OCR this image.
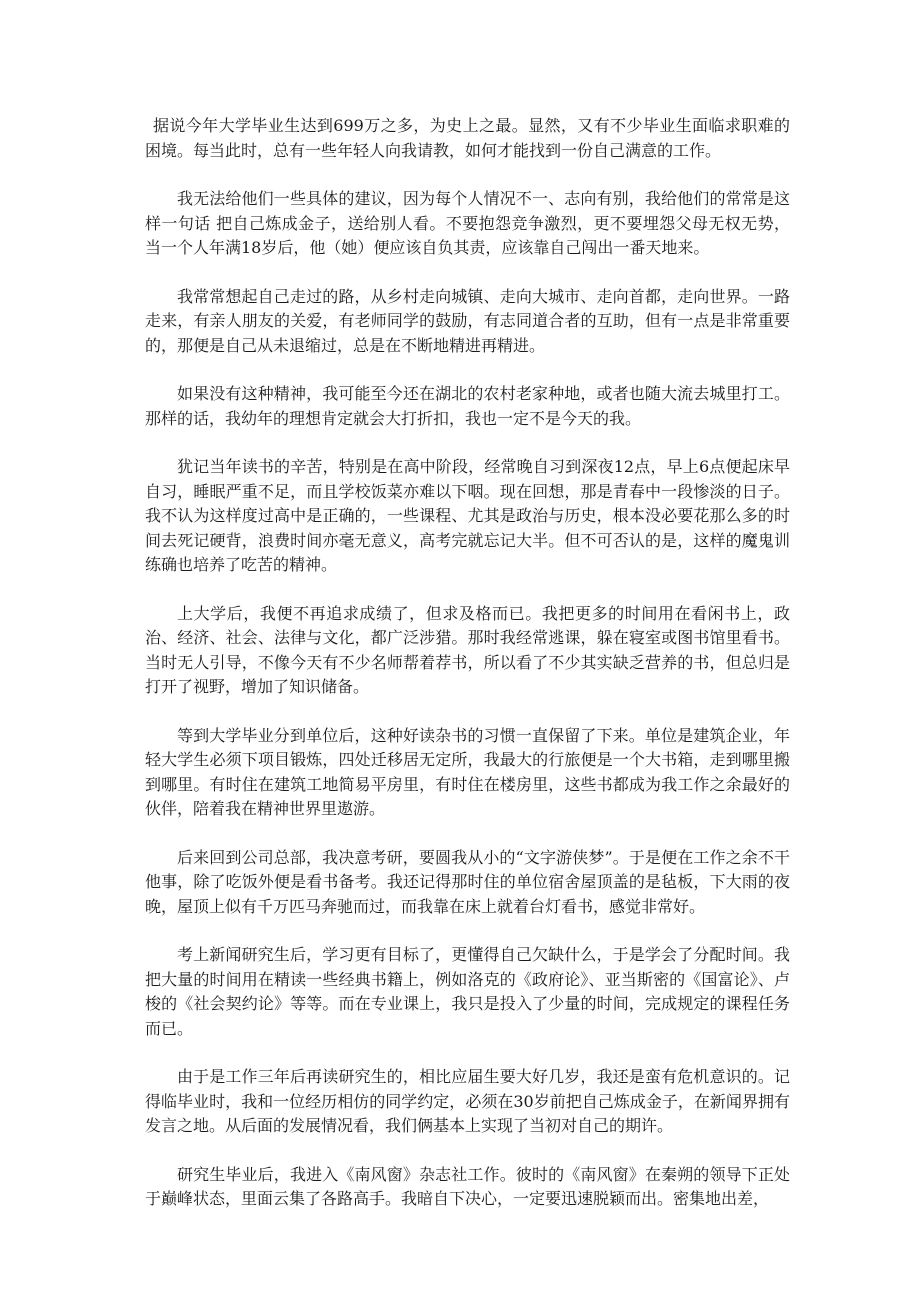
据说今年大学毕业生达到699万之多，为史上之最。显然，又有不少毕业生面临求职难的困境。每当此时，总有一些年轻人向我请教，如何才能找到一份自己满意的工作。

我无法给他们一些具体的建议，因为每个人情况不一、志向有别，我给他们的常常是这样一句话 把自己炼成金子，送给别人看。不要抱怨竞争激烈，更不要埋怨父母无权无势，当一个人年满18岁后，他（她）便应该自负其责，应该靠自己闯出一番天地来。

我常常想起自己走过的路，从乡村走向城镇、走向大城市、走向首都，走向世界。一路走来，有亲人朋友的关爱，有老师同学的鼓励，有志同道合者的互助，但有一点是非常重要的，那便是自己从未退缩过，总是在不断地精进再精进。

如果没有这种精神，我可能至今还在湖北的农村老家种地，或者也随大流去城里打工。那样的话，我幼年的理想肯定就会大打折扣，我也一定不是今天的我。

犹记当年读书的辛苦，特别是在高中阶段，经常晚自习到深夜12点，早上6点便起床早自习，睡眠严重不足，而且学校饭菜亦难以下咽。现在回想，那是青春中一段惨淡的日子。我不认为这样度过高中是正确的，一些课程、尤其是政治与历史，根本没必要花那么多的时间去死记硬背，浪费时间亦毫无意义，高考完就忘记大半。但不可否认的是，这样的魔鬼训练确也培养了吃苦的精神。

上大学后，我便不再追求成绩了，但求及格而已。我把更多的时间用在看闲书上，政治、经济、社会、法律与文化，都广泛涉猎。那时我经常逃课，躲在寝室或图书馆里看书。当时无人引导，不像今天有不少名师帮着荐书，所以看了不少其实缺乏营养的书，但总归是打开了视野，增加了知识储备。

等到大学毕业分到单位后，这种好读杂书的习惯一直保留了下来。单位是建筑企业，年轻大学生必须下项目锻炼，四处迁移居无定所，我最大的行旅便是一个大书箱，走到哪里搬到哪里。有时住在建筑工地简易平房里，有时住在楼房里，这些书都成为我工作之余最好的伙伴，陪着我在精神世界里遨游。

后来回到公司总部，我决意考研，要圆我从小的“文字游侠梦”。于是便在工作之余不干他事，除了吃饭外便是看书备考。我还记得那时住的单位宿舍屋顶盖的是毡板，下大雨的夜晚，屋顶上似有千万匹马奔驰而过，而我靠在床上就着台灯看书，感觉非常好。

考上新闻研究生后，学习更有目标了，更懂得自己欠缺什么，于是学会了分配时间。我把大量的时间用在精读一些经典书籍上，例如洛克的《政府论》、亚当斯密的《国富论》、卢梭的《社会契约论》等等。而在专业课上，我只是投入了少量的时间，完成规定的课程任务而已。

由于是工作三年后再读研究生的，相比应届生要大好几岁，我还是蛮有危机意识的。记得临毕业时，我和一位经历相仿的同学约定，必须在30岁前把自己炼成金子，在新闻界拥有发言之地。从后面的发展情况看，我们俩基本上实现了当初对自己的期许。

研究生毕业后，我进入《南风窗》杂志社工作。彼时的《南风窗》在秦朔的领导下正处于巅峰状态，里面云集了各路高手。我暗自下决心，一定要迅速脱颖而出。密集地出差，
